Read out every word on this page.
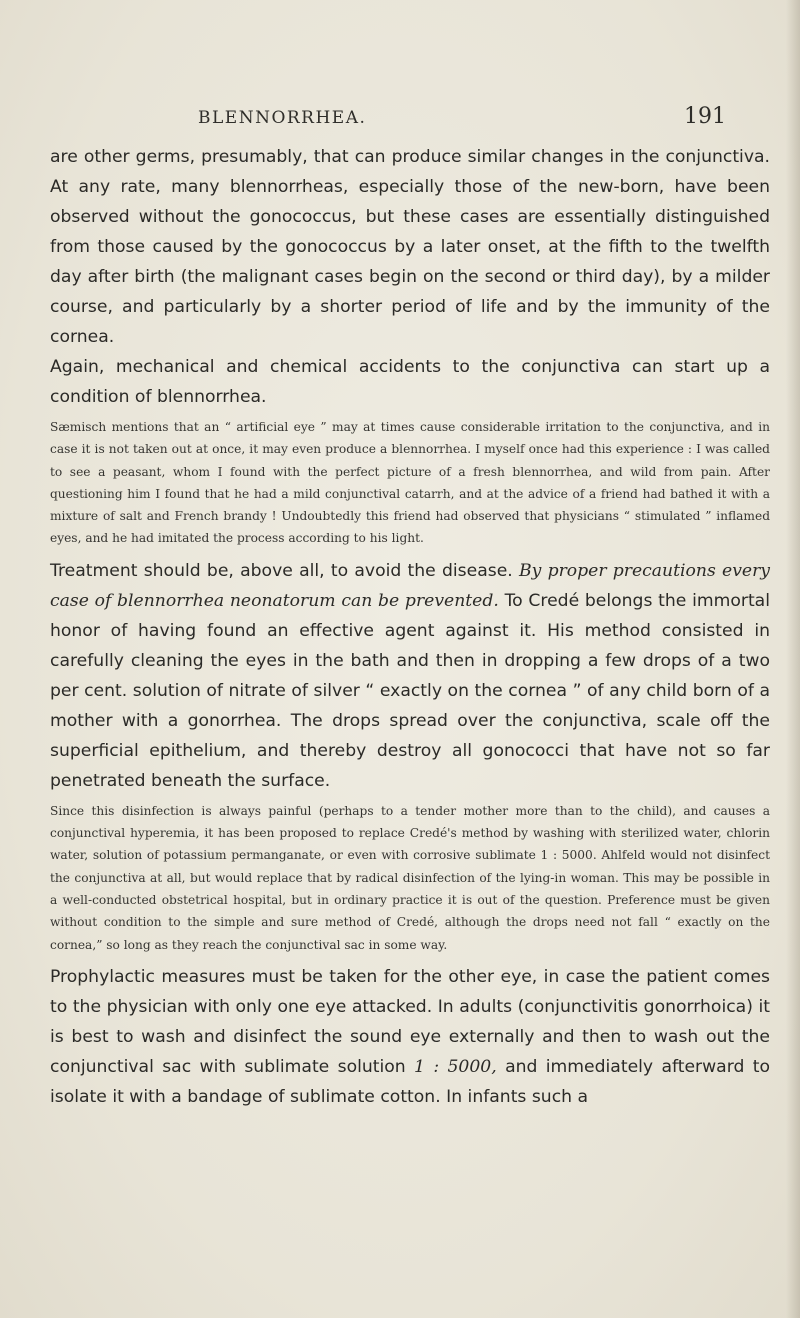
BLENNORRHEA.	191

are other germs, presumably, that can produce similar changes in the conjunctiva. At any rate, many blennorrheas, especially those of the new-born, have been observed without the gonococcus, but these cases are essentially distinguished from those caused by the gonococcus by a later onset, at the fifth to the twelfth day after birth (the malignant cases begin on the second or third day), by a milder course, and particularly by a shorter period of life and by the immunity of the cornea.

Again, mechanical and chemical accidents to the conjunctiva can start up a condition of blennorrhea.

Sæmisch mentions that an “ artificial eye ” may at times cause considerable irritation to the conjunctiva, and in case it is not taken out at once, it may even produce a blennorrhea. I myself once had this experience : I was called to see a peasant, whom I found with the perfect picture of a fresh blennorrhea, and wild from pain. After questioning him I found that he had a mild conjunctival catarrh, and at the advice of a friend had bathed it with a mixture of salt and French brandy ! Undoubtedly this friend had observed that physicians “ stimulated ” inflamed eyes, and he had imitated the process according to his light.

Treatment should be, above all, to avoid the disease. By proper precautions every case of blennorrhea neonatorum can be prevented. To Credé belongs the immortal honor of having found an effective agent against it. His method consisted in carefully cleaning the eyes in the bath and then in dropping a few drops of a two per cent. solution of nitrate of silver “ exactly on the cornea ” of any child born of a mother with a gonorrhea. The drops spread over the conjunctiva, scale off the superficial epithelium, and thereby destroy all gonococci that have not so far penetrated beneath the surface.

Since this disinfection is always painful (perhaps to a tender mother more than to the child), and causes a conjunctival hyperemia, it has been proposed to replace Credé's method by washing with sterilized water, chlorin water, solution of potassium permanganate, or even with corrosive sublimate 1 : 5000. Ahlfeld would not disinfect the conjunctiva at all, but would replace that by radical disinfection of the lying-in woman. This may be possible in a well-conducted obstetrical hospital, but in ordinary practice it is out of the question. Preference must be given without condition to the simple and sure method of Credé, although the drops need not fall “ exactly on the cornea,” so long as they reach the conjunctival sac in some way.

Prophylactic measures must be taken for the other eye, in case the patient comes to the physician with only one eye attacked. In adults (conjunctivitis gonorrhoica) it is best to wash and disinfect the sound eye externally and then to wash out the conjunctival sac with sublimate solution 1 : 5000, and immediately afterward to isolate it with a bandage of sublimate cotton. In infants such a
